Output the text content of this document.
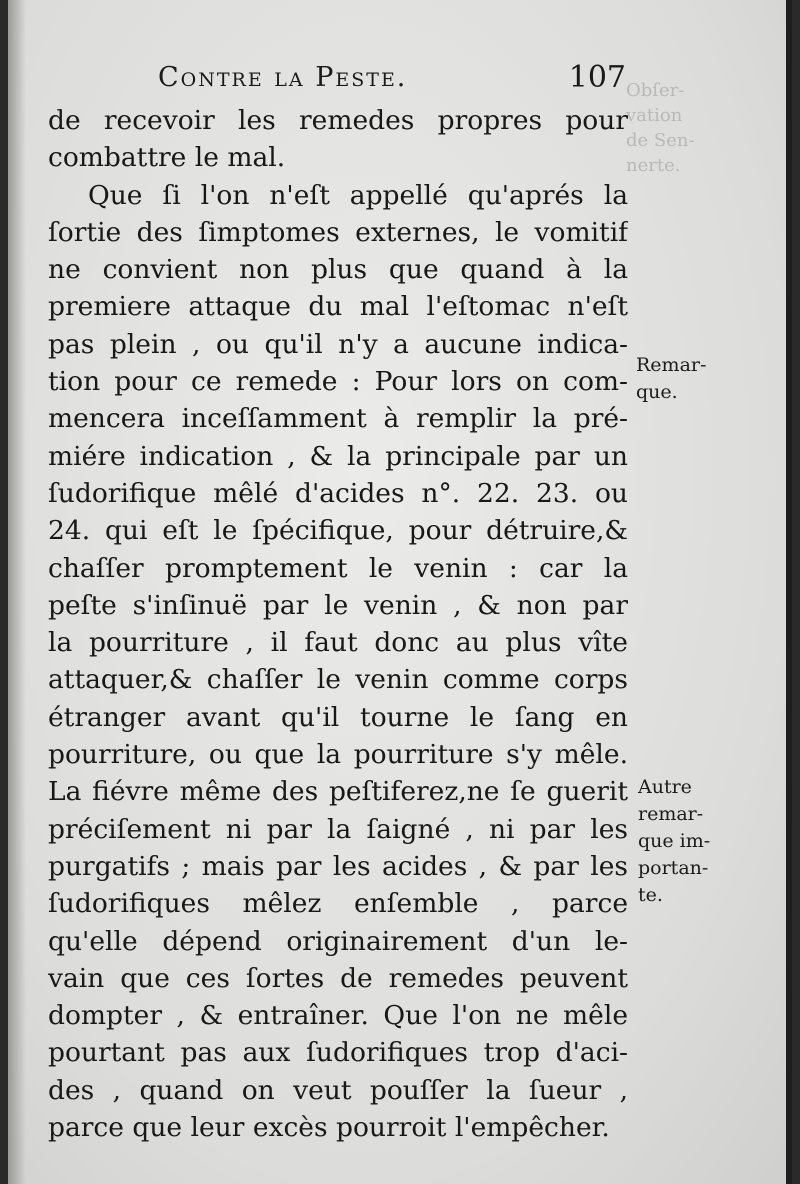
Obſer-
vation
de Sen-
nerte.
Contre la Peste.	107
de recevoir les remedes propres pour
combattre le mal.
Que ſi l'on n'eſt appellé qu'aprés la
ſortie des ſimptomes externes, le vomitif
ne convient non plus que quand à la
premiere attaque du mal l'eſtomac n'eſt
pas plein , ou qu'il n'y a aucune indica-
tion pour ce remede : Pour lors on com-
mencera inceſſamment à remplir la pré-
miére indication , & la principale par un
ſudorifique mêlé d'acides n°. 22. 23. ou
24. qui eſt le ſpécifique, pour détruire,&
chaſſer promptement le venin : car la
peſte s'inſinuë par le venin , & non par
la pourriture , il faut donc au plus vîte
attaquer,& chaſſer le venin comme corps
étranger avant qu'il tourne le ſang en
pourriture, ou que la pourriture s'y mêle.
La fiévre même des peſtiferez,ne ſe guerit
préciſement ni par la ſaigné , ni par les
purgatifs ; mais par les acides , & par les
ſudorifiques mêlez enſemble , parce
qu'elle dépend originairement d'un le-
vain que ces ſortes de remedes peuvent
dompter , & entraîner. Que l'on ne mêle
pourtant pas aux ſudorifiques trop d'aci-
des , quand on veut pouſſer la ſueur ,
parce que leur excès pourroit l'empêcher.
Remar-
que.
Autre
remar-
que im-
portan-
te.
